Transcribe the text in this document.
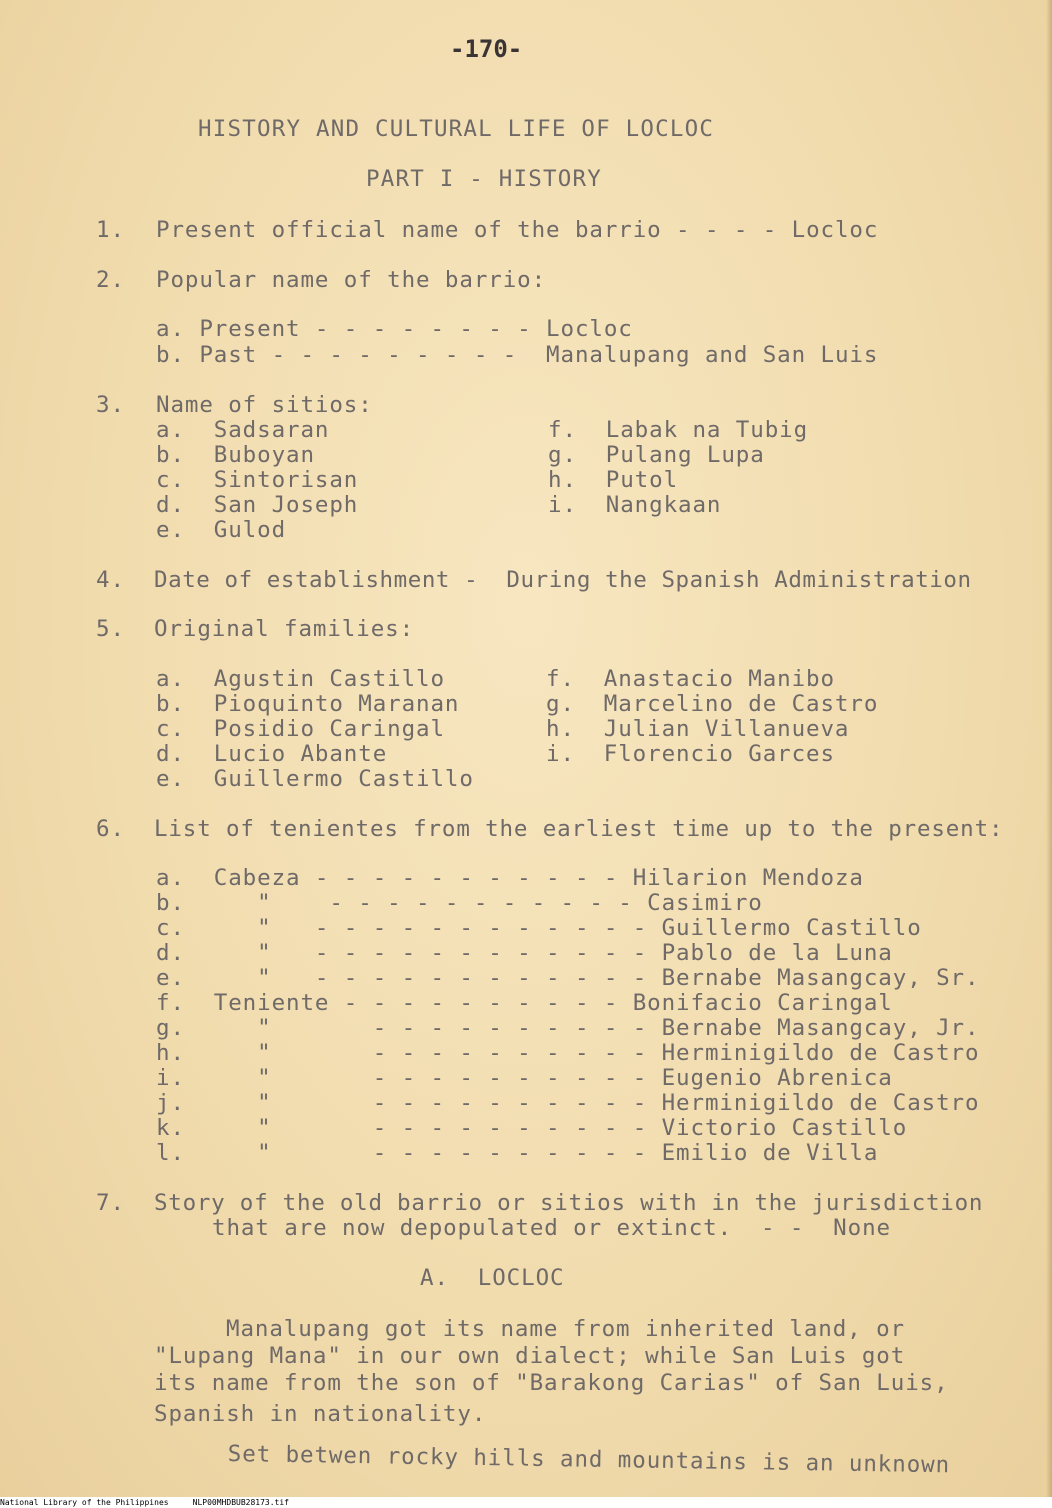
-170-
HISTORY AND CULTURAL LIFE OF LOCLOC
PART I - HISTORY
1. Present official name of the barrio - - - - Locloc
2. Popular name of the barrio:
a. Present - - - - - - - - Locloc
b. Past - - - - - - - - -  Manalupang and San Luis
3. Name of sitios:
a.  Sadsaran
b.  Buboyan
c.  Sintorisan
d.  San Joseph
e.  Gulod
f.  Labak na Tubig
g.  Pulang Lupa
h.  Putol
i.  Nangkaan
4. Date of establishment -  During the Spanish Administration
5. Original families:
a.  Agustin Castillo
b.  Pioquinto Maranan
c.  Posidio Caringal
d.  Lucio Abante
e.  Guillermo Castillo
f.  Anastacio Manibo
g.  Marcelino de Castro
h.  Julian Villanueva
i.  Florencio Garces
6. List of tenientes from the earliest time up to the present:
a.  Cabeza - - - - - - - - - - - Hilarion Mendoza
b.     "    - - - - - - - - - - - Casimiro
c.     "   - - - - - - - - - - - - Guillermo Castillo
d.     "   - - - - - - - - - - - - Pablo de la Luna
e.     "   - - - - - - - - - - - - Bernabe Masangcay, Sr.
f.  Teniente - - - - - - - - - - Bonifacio Caringal
g.     "       - - - - - - - - - - Bernabe Masangcay, Jr.
h.     "       - - - - - - - - - - Herminigildo de Castro
i.     "       - - - - - - - - - - Eugenio Abrenica
j.     "       - - - - - - - - - - Herminigildo de Castro
k.     "       - - - - - - - - - - Victorio Castillo
l.     "       - - - - - - - - - - Emilio de Villa
7. Story of the old barrio or sitios with in the jurisdiction
that are now depopulated or extinct.  - -  None
A.  LOCLOC
Manalupang got its name from inherited land, or
"Lupang Mana" in our own dialect; while San Luis got
its name from the son of "Barakong Carias" of San Luis,
Spanish in nationality.
Set betwen rocky hills and mountains is an unknown
National Library of the Philippines     NLP00MHDBUB28173.tif
